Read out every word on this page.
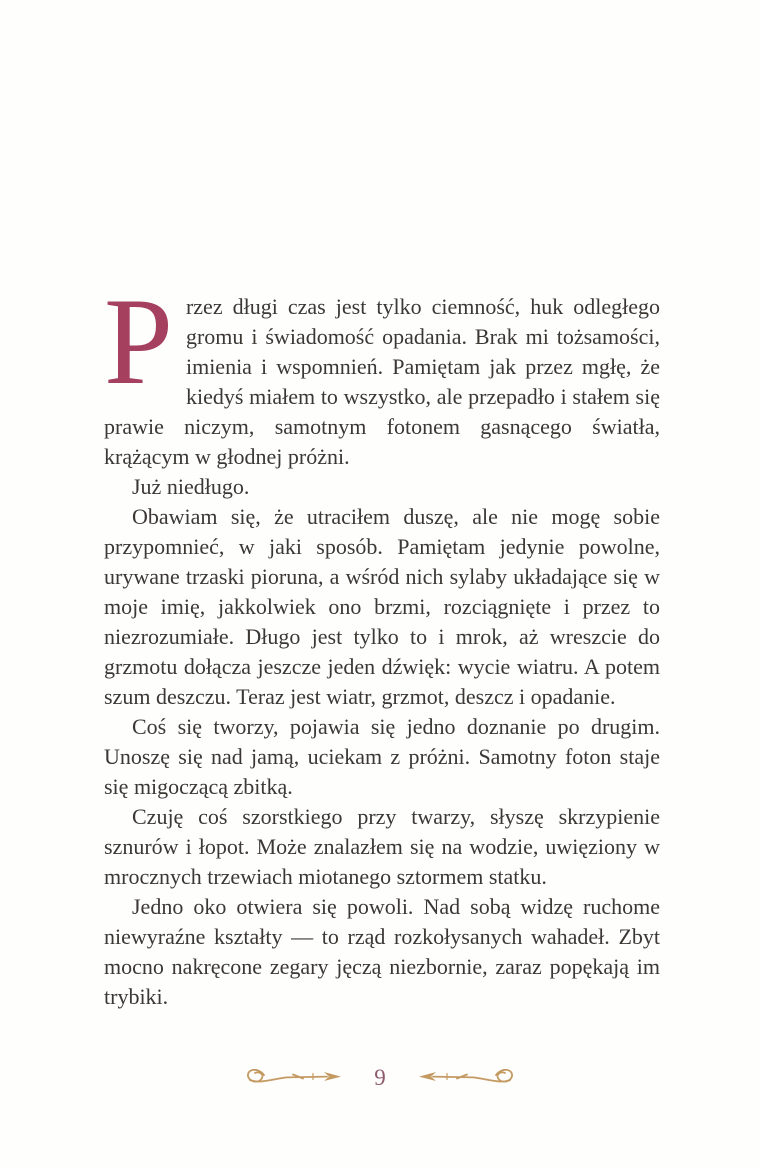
Przez długi czas jest tylko ciemność, huk odległego gromu i świadomość opadania. Brak mi tożsamości, imienia i wspomnień. Pamiętam jak przez mgłę, że kiedyś miałem to wszystko, ale przepadło i stałem się prawie niczym, samotnym fotonem gasnącego światła, krążącym w głodnej próżni.

Już niedługo.

Obawiam się, że utraciłem duszę, ale nie mogę sobie przypomnieć, w jaki sposób. Pamiętam jedynie powolne, urywane trzaski pioruna, a wśród nich sylaby układające się w moje imię, jakkolwiek ono brzmi, rozciągnięte i przez to niezrozumiałe. Długo jest tylko to i mrok, aż wreszcie do grzmotu dołącza jeszcze jeden dźwięk: wycie wiatru. A potem szum deszczu. Teraz jest wiatr, grzmot, deszcz i opadanie.

Coś się tworzy, pojawia się jedno doznanie po drugim. Unoszę się nad jamą, uciekam z próżni. Samotny foton staje się migoczącą zbitką.

Czuję coś szorstkiego przy twarzy, słyszę skrzypienie sznurów i łopot. Może znalazłem się na wodzie, uwięziony w mrocznych trzewiach miotanego sztormem statku.

Jedno oko otwiera się powoli. Nad sobą widzę ruchome niewyraźne kształty — to rząd rozkołysanych wahadeł. Zbyt mocno nakręcone zegary jęczą niezbornie, zaraz popękają im trybiki.

9
